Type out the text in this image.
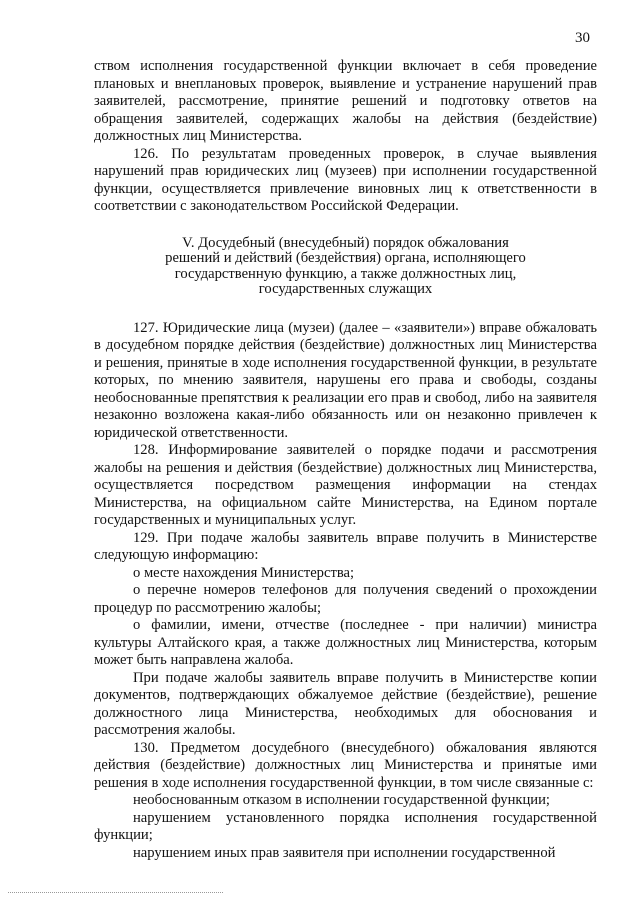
30

ством исполнения государственной функции включает в себя проведение плановых и внеплановых проверок, выявление и устранение нарушений прав заявителей, рассмотрение, принятие решений и подготовку ответов на обращения заявителей, содержащих жалобы на действия (бездействие) должностных лиц Министерства.

126. По результатам проведенных проверок, в случае выявления нарушений прав юридических лиц (музеев) при исполнении государственной функции, осуществляется привлечение виновных лиц к ответственности в соответствии с законодательством Российской Федерации.

V. Досудебный (внесудебный) порядок обжалования решений и действий (бездействия) органа, исполняющего государственную функцию, а также должностных лиц, государственных служащих

127. Юридические лица (музеи) (далее – «заявители») вправе обжаловать в досудебном порядке действия (бездействие) должностных лиц Министерства и решения, принятые в ходе исполнения государственной функции, в результате которых, по мнению заявителя, нарушены его права и свободы, созданы необоснованные препятствия к реализации его прав и свобод, либо на заявителя незаконно возложена какая-либо обязанность или он незаконно привлечен к юридической ответственности.

128. Информирование заявителей о порядке подачи и рассмотрения жалобы на решения и действия (бездействие) должностных лиц Министерства, осуществляется посредством размещения информации на стендах Министерства, на официальном сайте Министерства, на Едином портале государственных и муниципальных услуг.

129. При подаче жалобы заявитель вправе получить в Министерстве следующую информацию:

о месте нахождения Министерства;

о перечне номеров телефонов для получения сведений о прохождении процедур по рассмотрению жалобы;

о фамилии, имени, отчестве (последнее - при наличии) министра культуры Алтайского края, а также должностных лиц Министерства, которым может быть направлена жалоба.

При подаче жалобы заявитель вправе получить в Министерстве копии документов, подтверждающих обжалуемое действие (бездействие), решение должностного лица Министерства, необходимых для обоснования и рассмотрения жалобы.

130. Предметом досудебного (внесудебного) обжалования являются действия (бездействие) должностных лиц Министерства и принятые ими решения в ходе исполнения государственной функции, в том числе связанные с:

необоснованным отказом в исполнении государственной функции;

нарушением установленного порядка исполнения государственной функции;

нарушением иных прав заявителя при исполнении государственной
